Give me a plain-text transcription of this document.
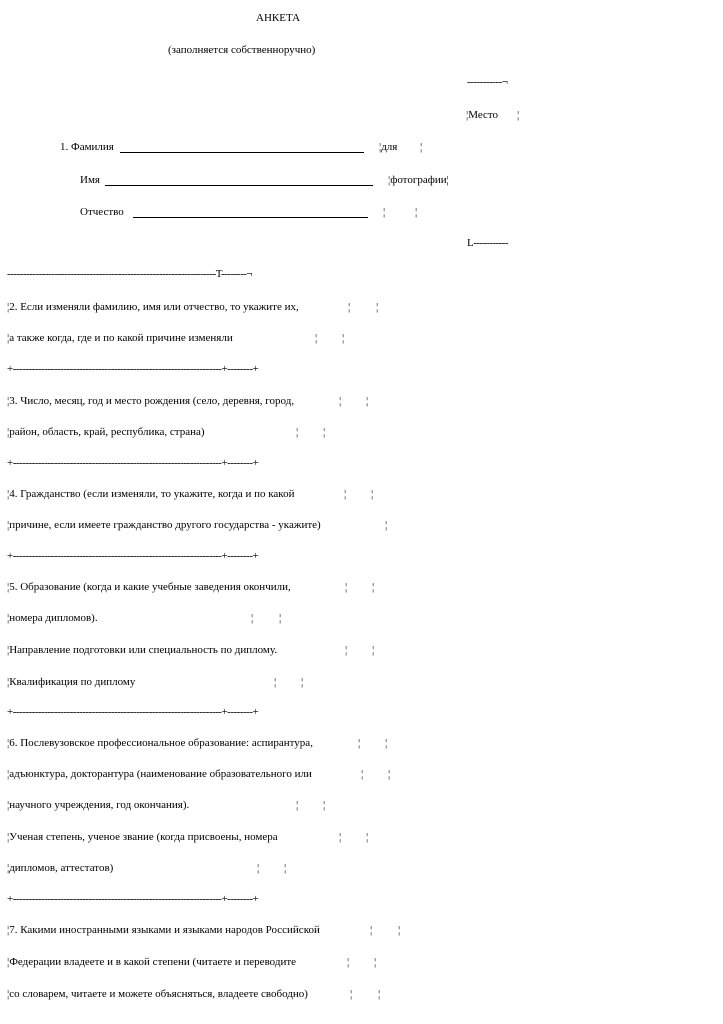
АНКЕТА
(заполняется собственноручно)
-----------¬
¦Место ¦
¦для ¦
¦фотографии¦
¦	¦
L-----------
1. Фамилия
Имя
Отчество
------------------------------------------------------------------T--------¬
¦2. Если изменяли фамилию, имя или отчество, то укажите их,	¦ ¦
¦а также когда, где и по какой причине изменяли	¦ ¦
+------------------------------------------------------------------+--------+
¦3. Число, месяц, год и место рождения (село, деревня, город,	¦ ¦
¦район, область, край, республика, страна)	¦ ¦
+------------------------------------------------------------------+--------+
¦4. Гражданство (если изменяли, то укажите, когда и по какой	¦ ¦
¦причине, если имеете гражданство другого государства - укажите)	¦
+------------------------------------------------------------------+--------+
¦5. Образование (когда и какие учебные заведения окончили,	¦ ¦
¦номера дипломов).	¦ ¦
¦Направление подготовки или специальность по диплому.	¦ ¦
¦Квалификация по диплому	¦ ¦
+------------------------------------------------------------------+--------+
¦6. Послевузовское профессиональное образование: аспирантура,	¦ ¦
¦адъюнктура, докторантура (наименование образовательного или	¦ ¦
¦научного учреждения, год окончания).	¦ ¦
¦Ученая степень, ученое звание (когда присвоены, номера	¦ ¦
¦дипломов, аттестатов)	¦ ¦
+------------------------------------------------------------------+--------+
¦7. Какими иностранными языками и языками народов Российской	¦ ¦
¦Федерации владеете и в какой степени (читаете и переводите	¦ ¦
¦со словарем, читаете и можете объясняться, владеете свободно)	¦ ¦
